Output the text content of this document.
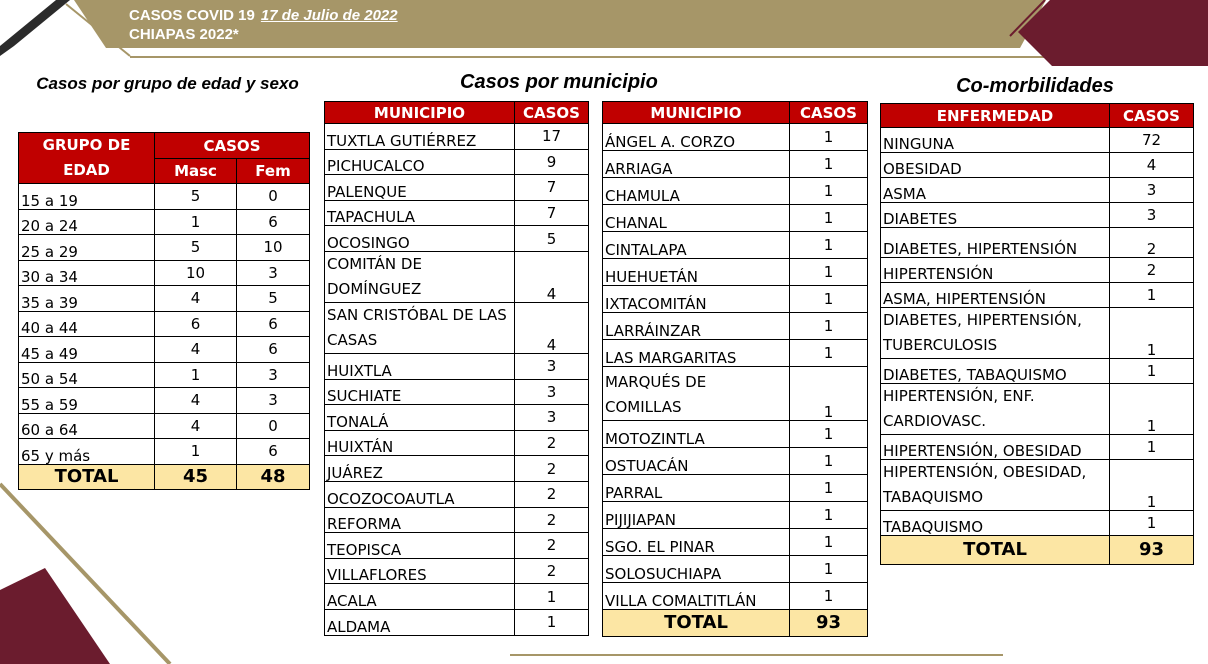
CASOS COVID 19 17 de Julio de 2022
CHIAPAS 2022*
Casos por grupo de edad y sexo	Casos por municipio	Co-morbilidades
GRUPO DE EDAD	CASOS	
	Masc	Fem
15 a 19	5	0
20 a 24	1	6
25 a 29	5	10
30 a 34	10	3
35 a 39	4	5
40 a 44	6	6
45 a 49	4	6
50 a 54	1	3
55 a 59	4	3
60 a 64	4	0
65 y más	1	6
TOTAL	45	48
MUNICIPIO	CASOS
TUXTLA GUTIÉRREZ	17
PICHUCALCO	9
PALENQUE	7
TAPACHULA	7
OCOSINGO	5
COMITÁN DE DOMÍNGUEZ	4
SAN CRISTÓBAL DE LAS CASAS	4
HUIXTLA	3
SUCHIATE	3
TONALÁ	3
HUIXTÁN	2
JUÁREZ	2
OCOZOCOAUTLA	2
REFORMA	2
TEOPISCA	2
VILLAFLORES	2
ACALA	1
ALDAMA	1
MUNICIPIO	CASOS
ÁNGEL A. CORZO	1
ARRIAGA	1
CHAMULA	1
CHANAL	1
CINTALAPA	1
HUEHUETÁN	1
IXTACOMITÁN	1
LARRÁINZAR	1
LAS MARGARITAS	1
MARQUÉS DE COMILLAS	1
MOTOZINTLA	1
OSTUACÁN	1
PARRAL	1
PIJIJIAPAN	1
SGO. EL PINAR	1
SOLOSUCHIAPA	1
VILLA COMALTITLÁN	1
TOTAL	93
ENFERMEDAD	CASOS
NINGUNA	72
OBESIDAD	4
ASMA	3
DIABETES	3
DIABETES, HIPERTENSIÓN	2
HIPERTENSIÓN	2
ASMA, HIPERTENSIÓN	1
DIABETES, HIPERTENSIÓN, TUBERCULOSIS	1
DIABETES, TABAQUISMO	1
HIPERTENSIÓN, ENF. CARDIOVASC.	1
HIPERTENSIÓN, OBESIDAD	1
HIPERTENSIÓN, OBESIDAD, TABAQUISMO	1
TABAQUISMO	1
TOTAL	93
